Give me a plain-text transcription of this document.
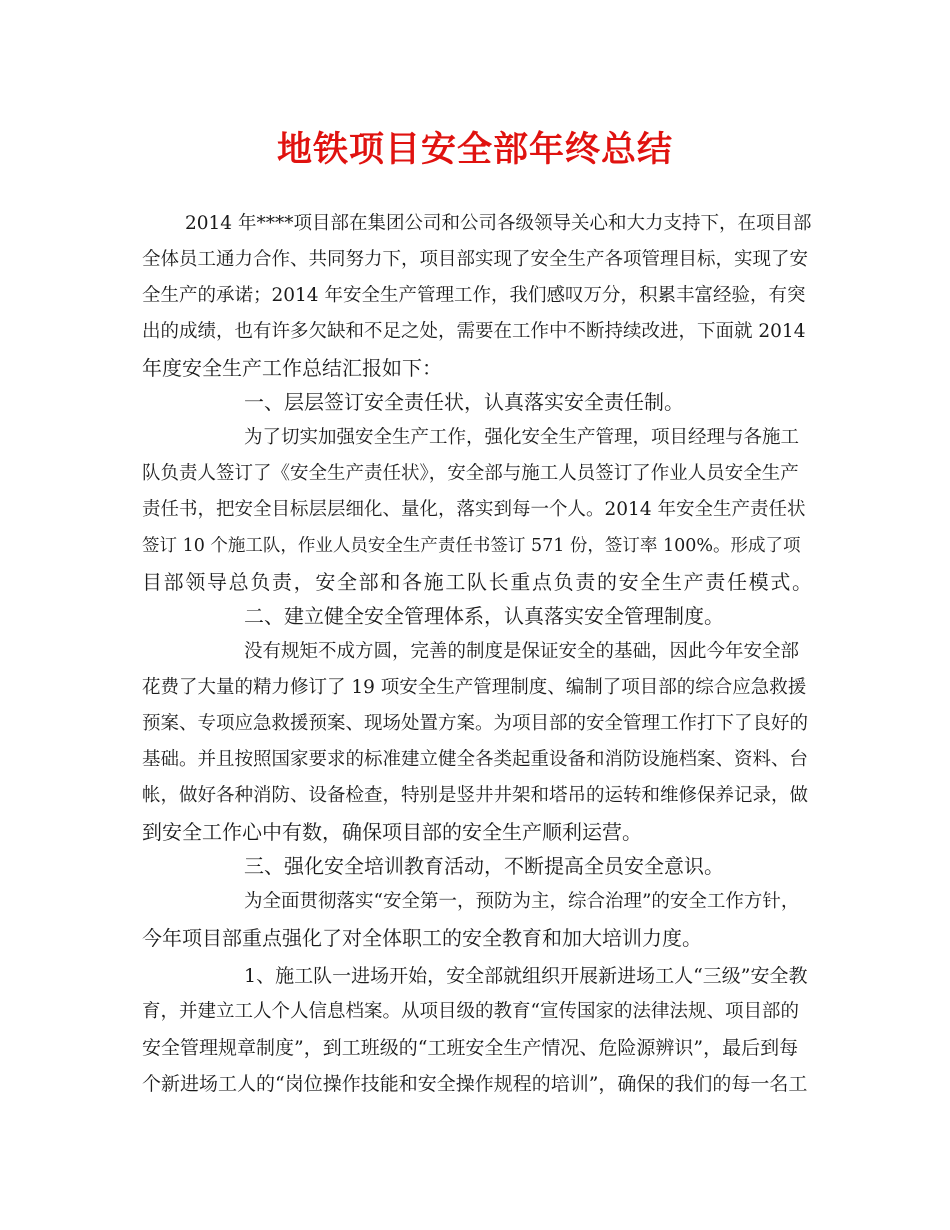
地铁项目安全部年终总结

2014 年****项目部在集团公司和公司各级领导关心和大力支持下，在项目部

全体员工通力合作、共同努力下，项目部实现了安全生产各项管理目标，实现了安

全生产的承诺；2014 年安全生产管理工作，我们感叹万分，积累丰富经验，有突

出的成绩，也有许多欠缺和不足之处，需要在工作中不断持续改进，下面就 2014

年度安全生产工作总结汇报如下：

一、层层签订安全责任状，认真落实安全责任制。

为了切实加强安全生产工作，强化安全生产管理，项目经理与各施工

队负责人签订了《安全生产责任状》，安全部与施工人员签订了作业人员安全生产

责任书，把安全目标层层细化、量化，落实到每一个人。2014 年安全生产责任状

签订 10 个施工队，作业人员安全生产责任书签订 571 份，签订率 100%。形成了项

目部领导总负责，安全部和各施工队长重点负责的安全生产责任模式。

二、建立健全安全管理体系，认真落实安全管理制度。

没有规矩不成方圆，完善的制度是保证安全的基础，因此今年安全部

花费了大量的精力修订了 19 项安全生产管理制度、编制了项目部的综合应急救援

预案、专项应急救援预案、现场处置方案。为项目部的安全管理工作打下了良好的

基础。并且按照国家要求的标准建立健全各类起重设备和消防设施档案、资料、台

帐，做好各种消防、设备检查，特别是竖井井架和塔吊的运转和维修保养记录，做

到安全工作心中有数，确保项目部的安全生产顺利运营。

三、强化安全培训教育活动，不断提高全员安全意识。

为全面贯彻落实“安全第一，预防为主，综合治理”的安全工作方针，

今年项目部重点强化了对全体职工的安全教育和加大培训力度。

1、施工队一进场开始，安全部就组织开展新进场工人“三级”安全教

育，并建立工人个人信息档案。从项目级的教育“宣传国家的法律法规、项目部的

安全管理规章制度”，到工班级的“工班安全生产情况、危险源辨识”，最后到每

个新进场工人的“岗位操作技能和安全操作规程的培训”，确保的我们的每一名工
